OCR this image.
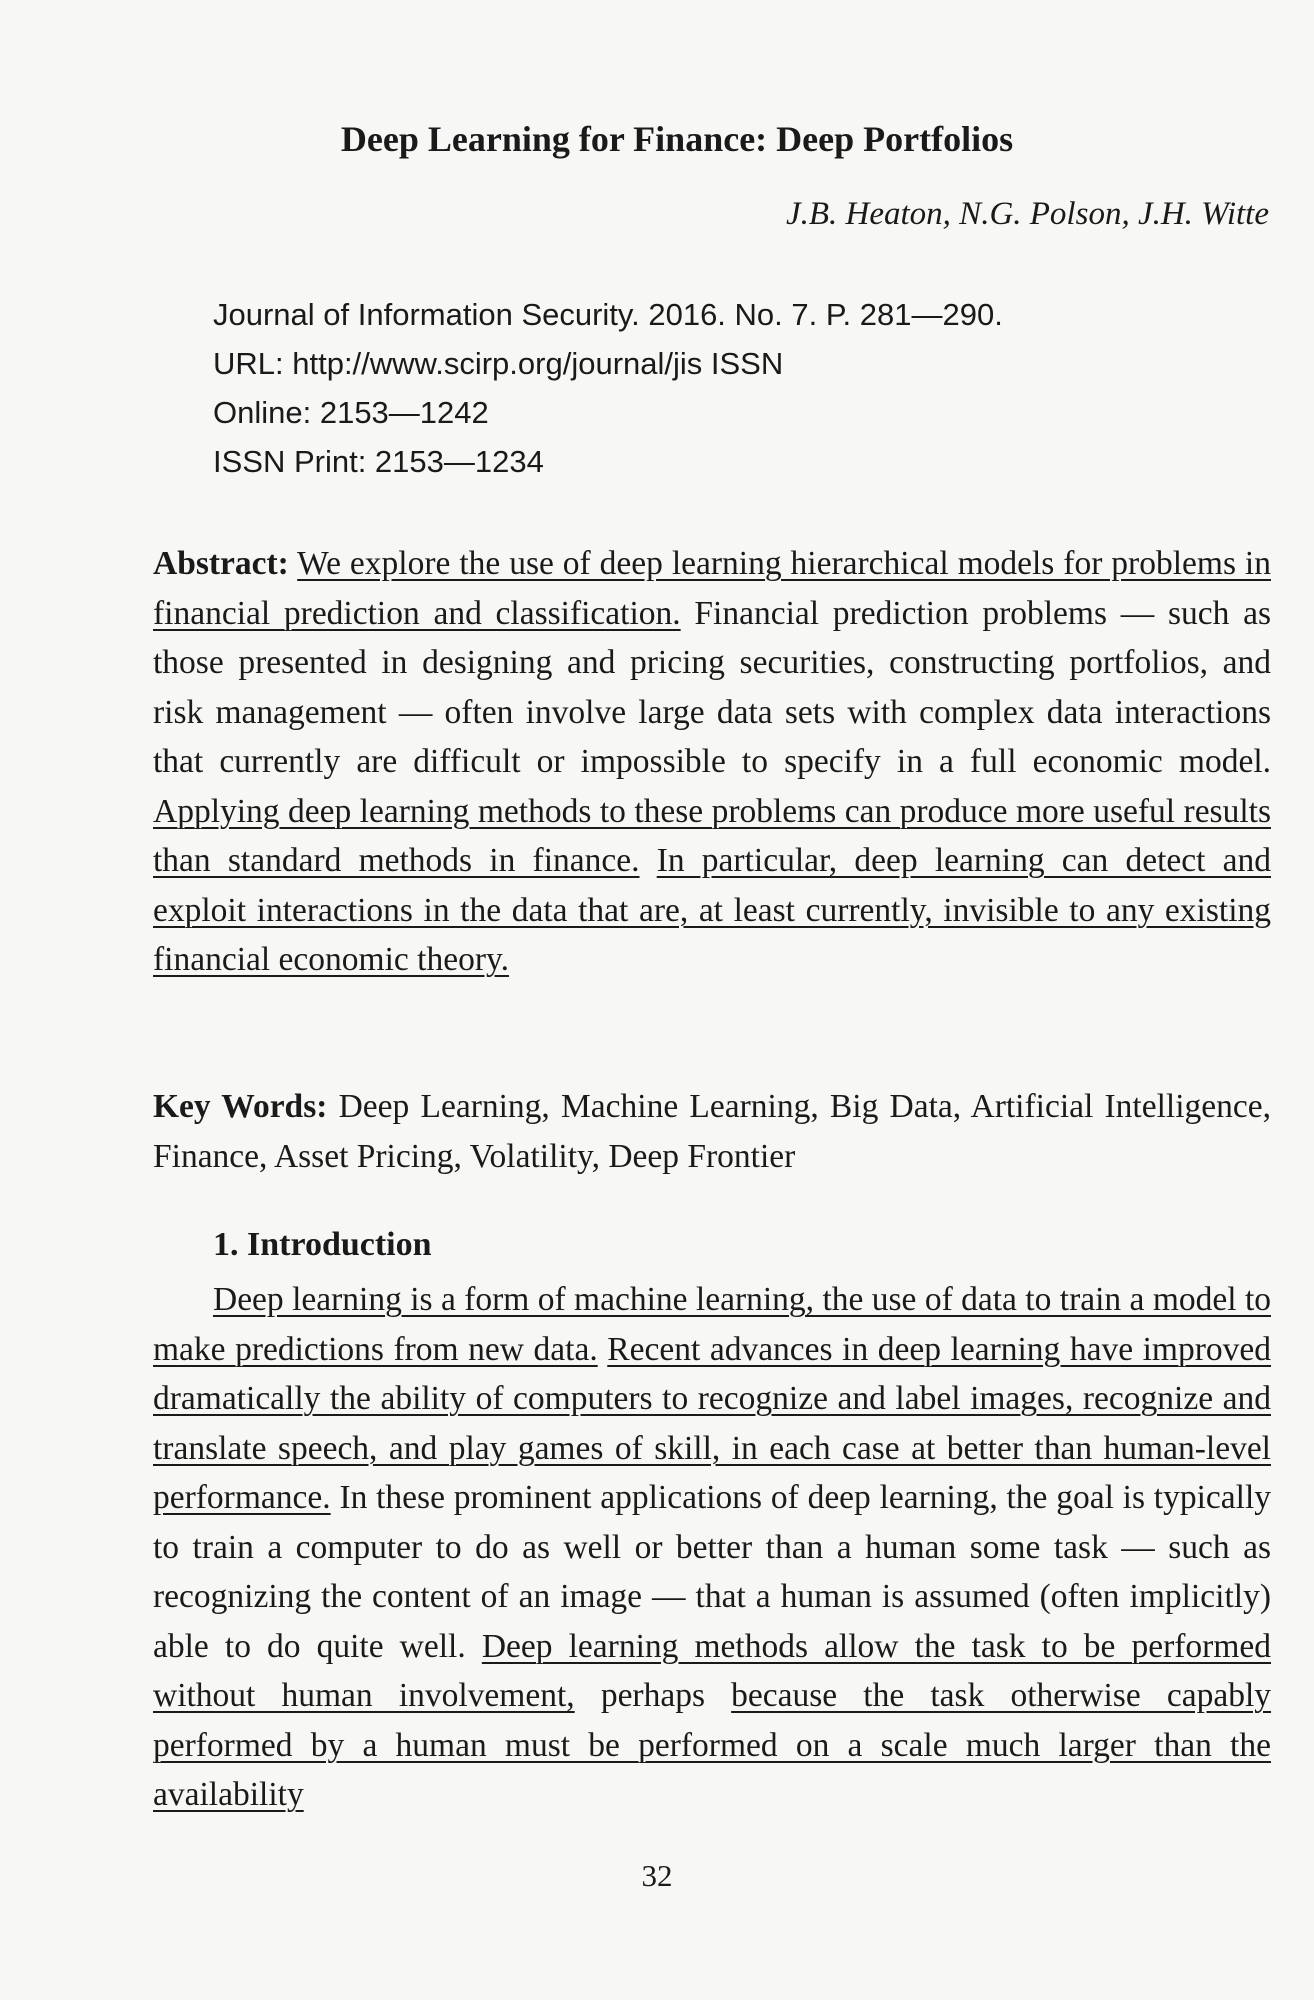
Deep Learning for Finance: Deep Portfolios
J.B. Heaton, N.G. Polson, J.H. Witte
Journal of Information Security. 2016. No. 7. P. 281—290.
URL: http://www.scirp.org/journal/jis ISSN
Online: 2153—1242
ISSN Print: 2153—1234
Abstract: We explore the use of deep learning hierarchical models for problems in financial prediction and classification. Financial prediction problems — such as those presented in designing and pricing securities, constructing portfolios, and risk management — often involve large data sets with complex data interactions that currently are difficult or impossible to specify in a full economic model. Applying deep learning methods to these problems can produce more useful results than standard methods in finance. In particular, deep learning can detect and exploit interactions in the data that are, at least currently, invisible to any existing financial economic theory.
Key Words: Deep Learning, Machine Learning, Big Data, Artificial Intelligence, Finance, Asset Pricing, Volatility, Deep Frontier
1. Introduction
Deep learning is a form of machine learning, the use of data to train a model to make predictions from new data. Recent advances in deep learning have improved dramatically the ability of computers to recognize and label images, recognize and translate speech, and play games of skill, in each case at better than human-level performance. In these prominent applications of deep learning, the goal is typically to train a computer to do as well or better than a human some task — such as recognizing the content of an image — that a human is assumed (often implicitly) able to do quite well. Deep learning methods allow the task to be performed without human involvement, perhaps because the task otherwise capably performed by a human must be performed on a scale much larger than the availability
32
